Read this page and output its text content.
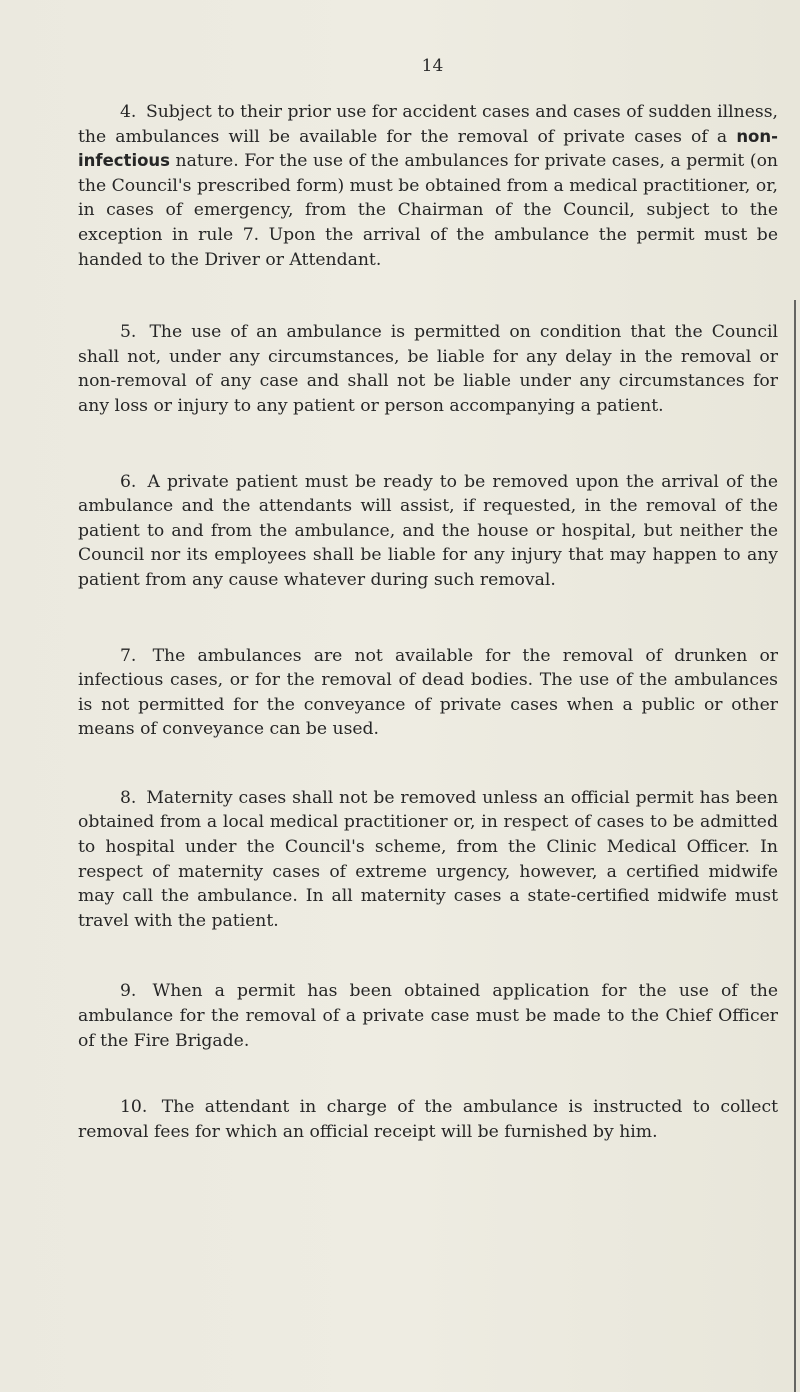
14

4. Subject to their prior use for accident cases and cases of sudden illness, the ambulances will be available for the removal of private cases of a non-infectious nature. For the use of the ambulances for private cases, a permit (on the Council's prescribed form) must be obtained from a medical practitioner, or, in cases of emergency, from the Chairman of the Council, subject to the exception in rule 7. Upon the arrival of the ambulance the permit must be handed to the Driver or Attendant.

5. The use of an ambulance is permitted on condition that the Council shall not, under any circumstances, be liable for any delay in the removal or non-removal of any case and shall not be liable under any circumstances for any loss or injury to any patient or person accompanying a patient.

6. A private patient must be ready to be removed upon the arrival of the ambulance and the attendants will assist, if requested, in the removal of the patient to and from the ambulance, and the house or hospital, but neither the Council nor its employees shall be liable for any injury that may happen to any patient from any cause whatever during such removal.

7. The ambulances are not available for the removal of drunken or infectious cases, or for the removal of dead bodies. The use of the ambulances is not permitted for the conveyance of private cases when a public or other means of conveyance can be used.

8. Maternity cases shall not be removed unless an official permit has been obtained from a local medical practitioner or, in respect of cases to be admitted to hospital under the Council's scheme, from the Clinic Medical Officer. In respect of maternity cases of extreme urgency, however, a certified midwife may call the ambulance. In all maternity cases a state-certified midwife must travel with the patient.

9. When a permit has been obtained application for the use of the ambulance for the removal of a private case must be made to the Chief Officer of the Fire Brigade.

10. The attendant in charge of the ambulance is instructed to collect removal fees for which an official receipt will be furnished by him.
